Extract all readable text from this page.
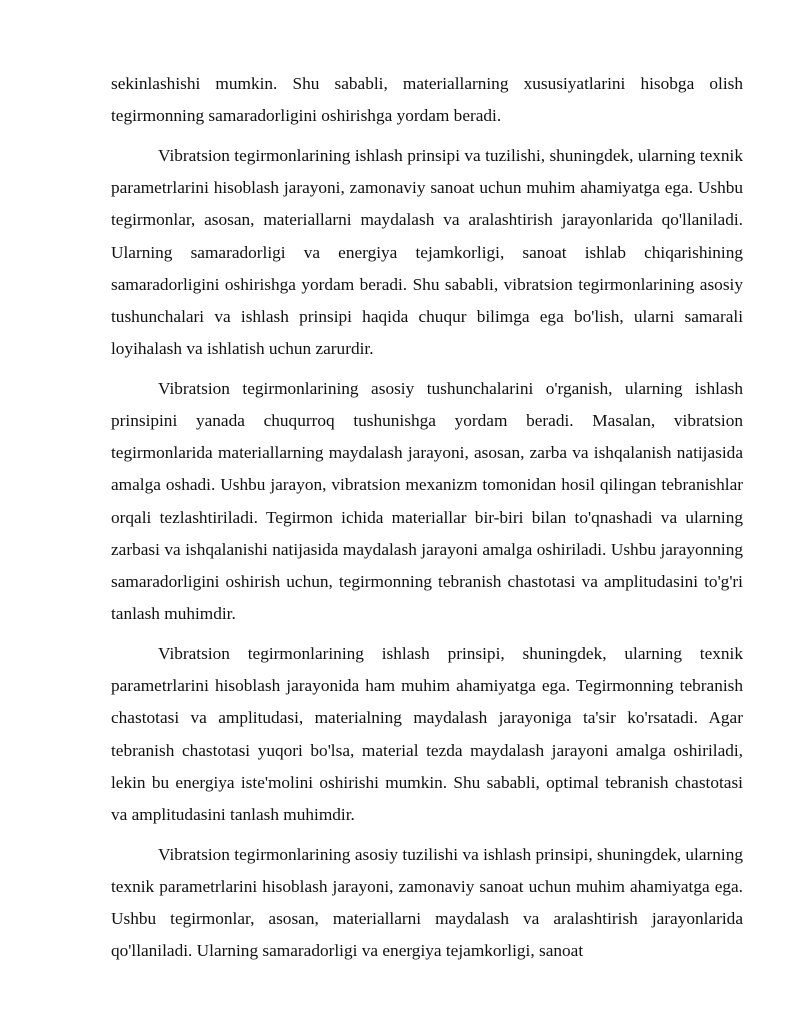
sekinlashishi mumkin. Shu sababli, materiallarning xususiyatlarini hisobga olish tegirmonning samaradorligini oshirishga yordam beradi.

Vibratsion tegirmonlarining ishlash prinsipi va tuzilishi, shuningdek, ularning texnik parametrlarini hisoblash jarayoni, zamonaviy sanoat uchun muhim ahamiyatga ega. Ushbu tegirmonlar, asosan, materiallarni maydalash va aralashtirish jarayonlarida qo'llaniladi. Ularning samaradorligi va energiya tejamkorligi, sanoat ishlab chiqarishining samaradorligini oshirishga yordam beradi. Shu sababli, vibratsion tegirmonlarining asosiy tushunchalari va ishlash prinsipi haqida chuqur bilimga ega bo'lish, ularni samarali loyihalash va ishlatish uchun zarurdir.

Vibratsion tegirmonlarining asosiy tushunchalarini o'rganish, ularning ishlash prinsipini yanada chuqurroq tushunishga yordam beradi. Masalan, vibratsion tegirmonlarida materiallarning maydalash jarayoni, asosan, zarba va ishqalanish natijasida amalga oshadi. Ushbu jarayon, vibratsion mexanizm tomonidan hosil qilingan tebranishlar orqali tezlashtiriladi. Tegirmon ichida materiallar bir-biri bilan to'qnashadi va ularning zarbasi va ishqalanishi natijasida maydalash jarayoni amalga oshiriladi. Ushbu jarayonning samaradorligini oshirish uchun, tegirmonning tebranish chastotasi va amplitudasini to'g'ri tanlash muhimdir.

Vibratsion tegirmonlarining ishlash prinsipi, shuningdek, ularning texnik parametrlarini hisoblash jarayonida ham muhim ahamiyatga ega. Tegirmonning tebranish chastotasi va amplitudasi, materialning maydalash jarayoniga ta'sir ko'rsatadi. Agar tebranish chastotasi yuqori bo'lsa, material tezda maydalash jarayoni amalga oshiriladi, lekin bu energiya iste'molini oshirishi mumkin. Shu sababli, optimal tebranish chastotasi va amplitudasini tanlash muhimdir.

Vibratsion tegirmonlarining asosiy tuzilishi va ishlash prinsipi, shuningdek, ularning texnik parametrlarini hisoblash jarayoni, zamonaviy sanoat uchun muhim ahamiyatga ega. Ushbu tegirmonlar, asosan, materiallarni maydalash va aralashtirish jarayonlarida qo'llaniladi. Ularning samaradorligi va energiya tejamkorligi, sanoat
